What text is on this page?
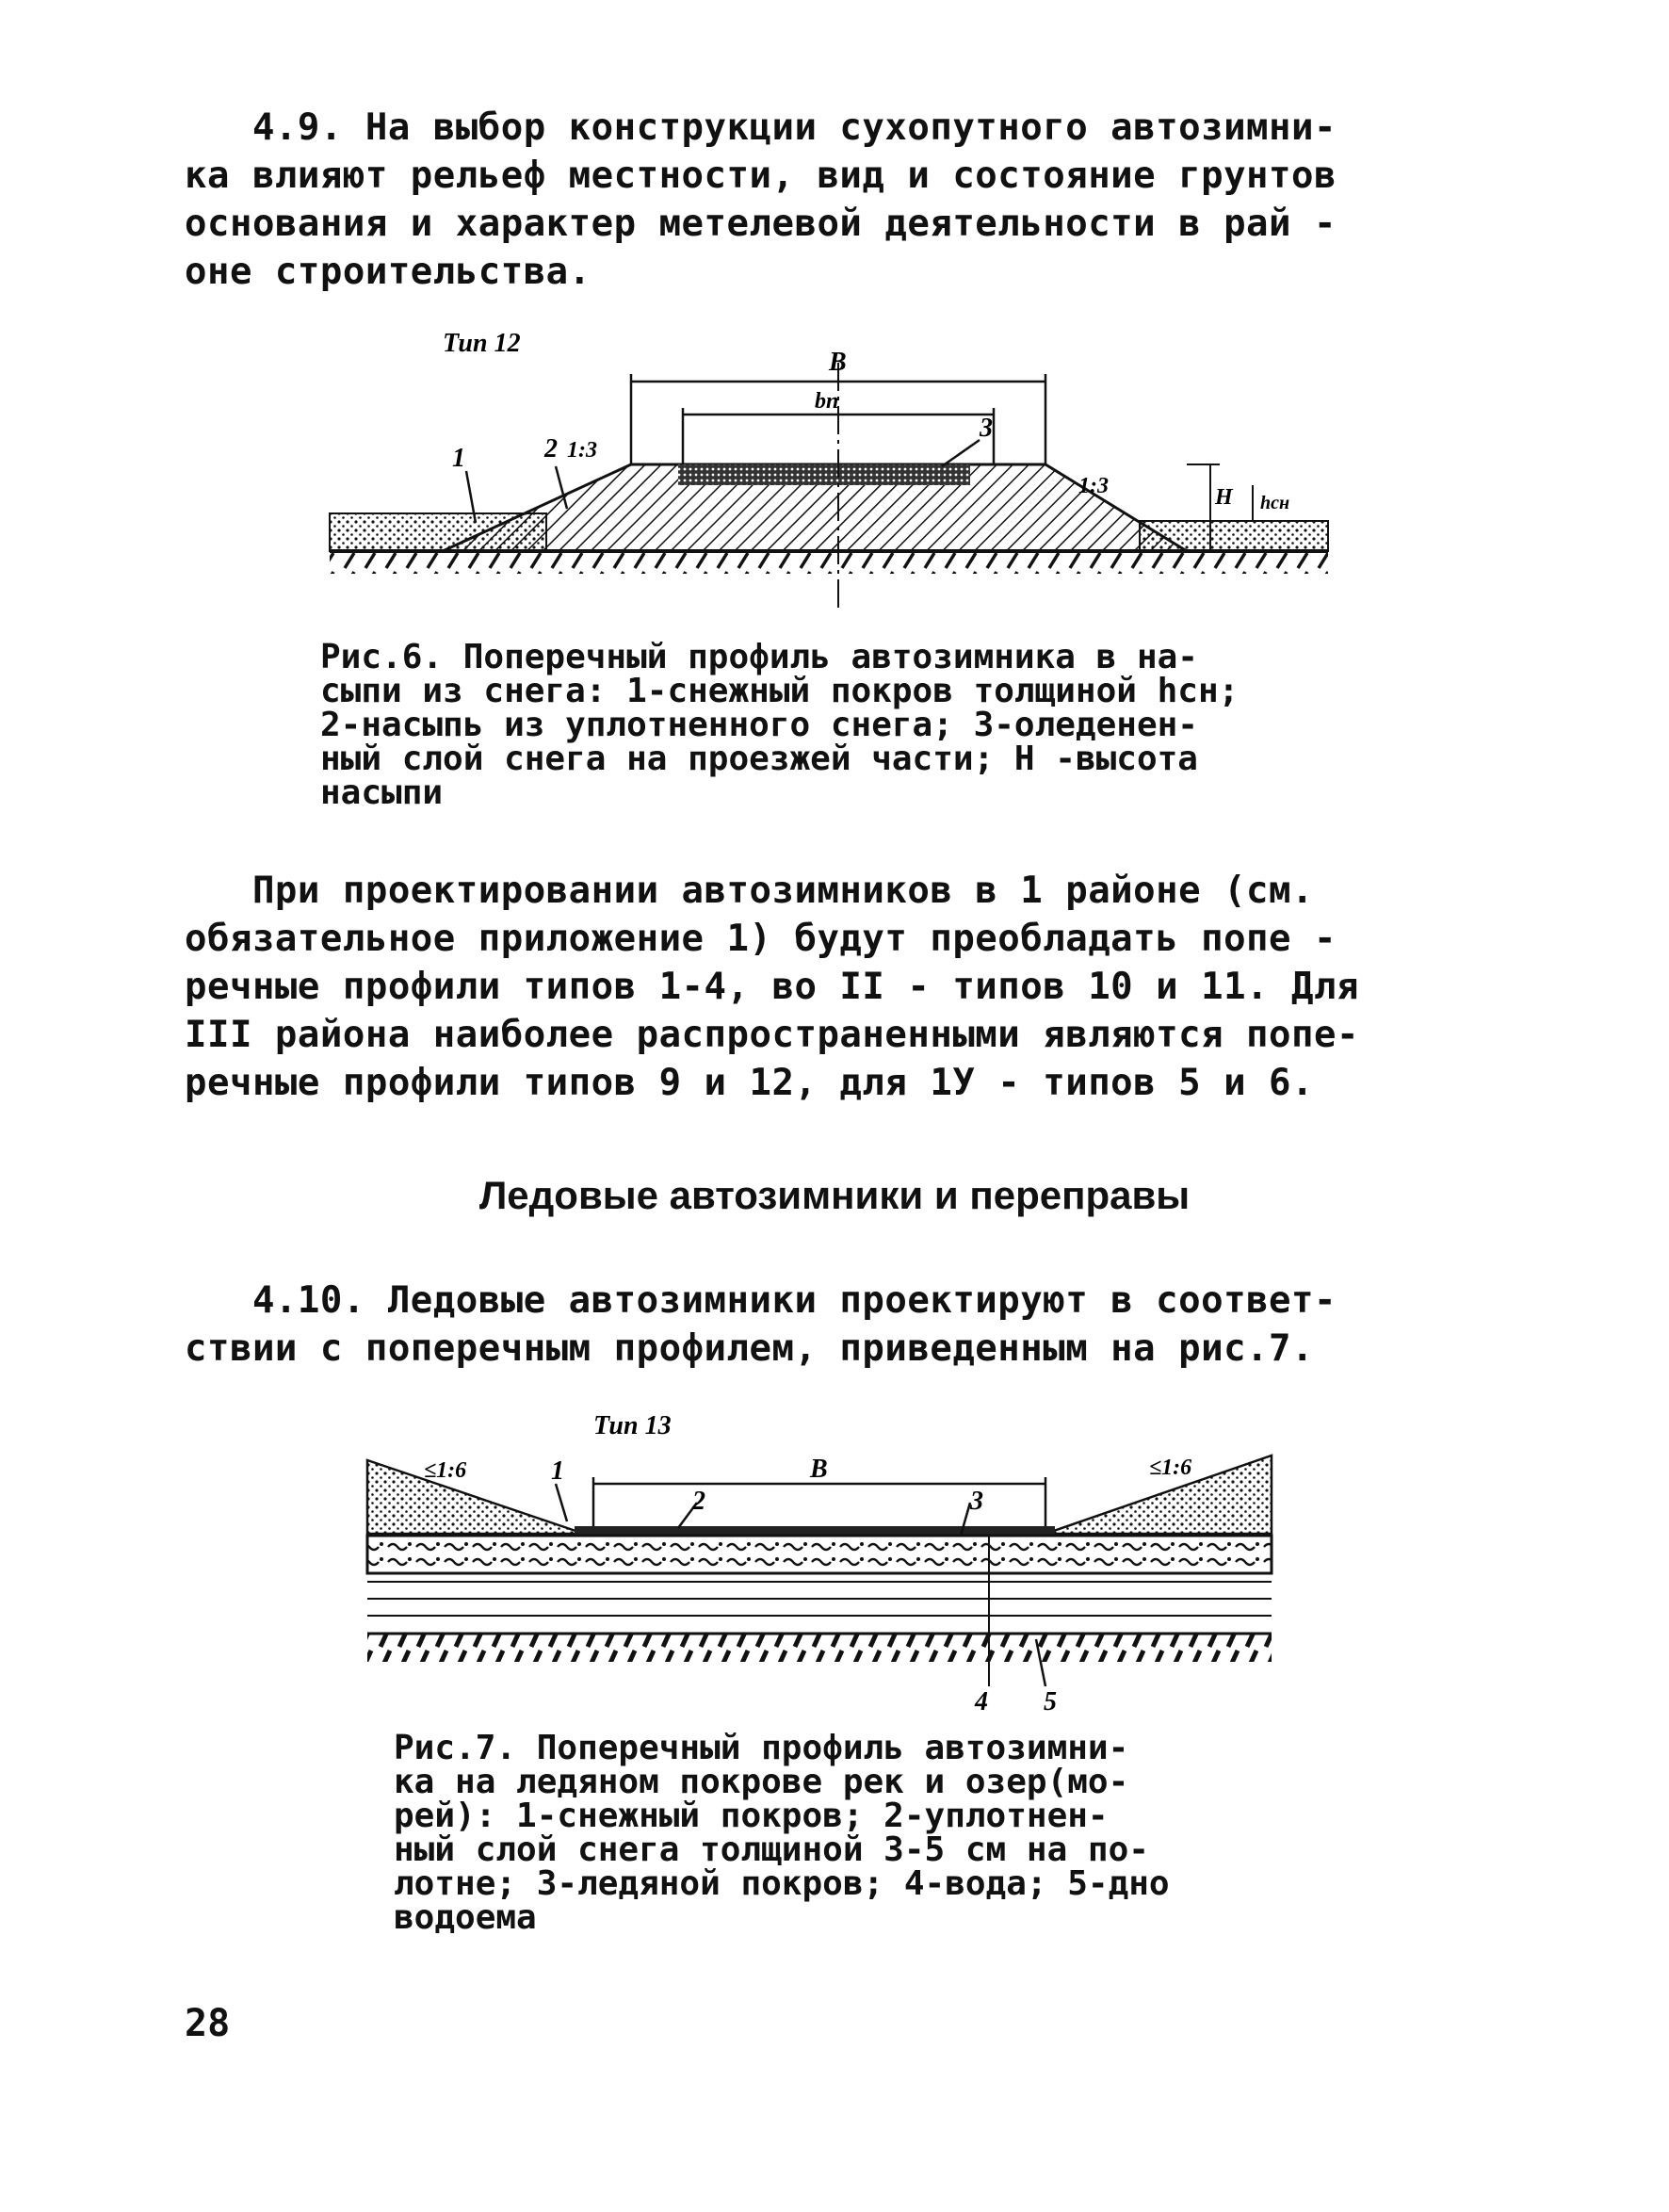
4.9. На выбор конструкции сухопутного автозимни-
ка влияют рельеф местности, вид и состояние грунтов
основания и характер метелевой деятельности в рай -
оне строительства.
Тип 12
1	2 1:3
3
1:3
B
bп
H hсн
Рис.6. Поперечный профиль автозимника в на-
сыпи из снега: 1-снежный покров толщиной hсн;
2-насыпь из уплотненного снега; 3-оледенен-
ный слой снега на проезжей части; H -высота
насыпи
При проектировании автозимников в 1 районе (см.
обязательное приложение 1) будут преобладать попе -
речные профили типов 1-4, во II - типов 10 и 11. Для
III района наиболее распространенными являются попе-
речные профили типов 9 и 12, для 1У - типов 5 и 6.
Ледовые автозимники и переправы
4.10. Ледовые автозимники проектируют в соответ-
ствии с поперечным профилем, приведенным на рис.7.
Тип 13
≤1:6	1	B
2	3
≤1:6
4 5
Рис.7. Поперечный профиль автозимни-
ка на ледяном покрове рек и озер(мо-
рей): 1-снежный покров; 2-уплотнен-
ный слой снега толщиной 3-5 см на по-
лотне; 3-ледяной покров; 4-вода; 5-дно
водоема
28
